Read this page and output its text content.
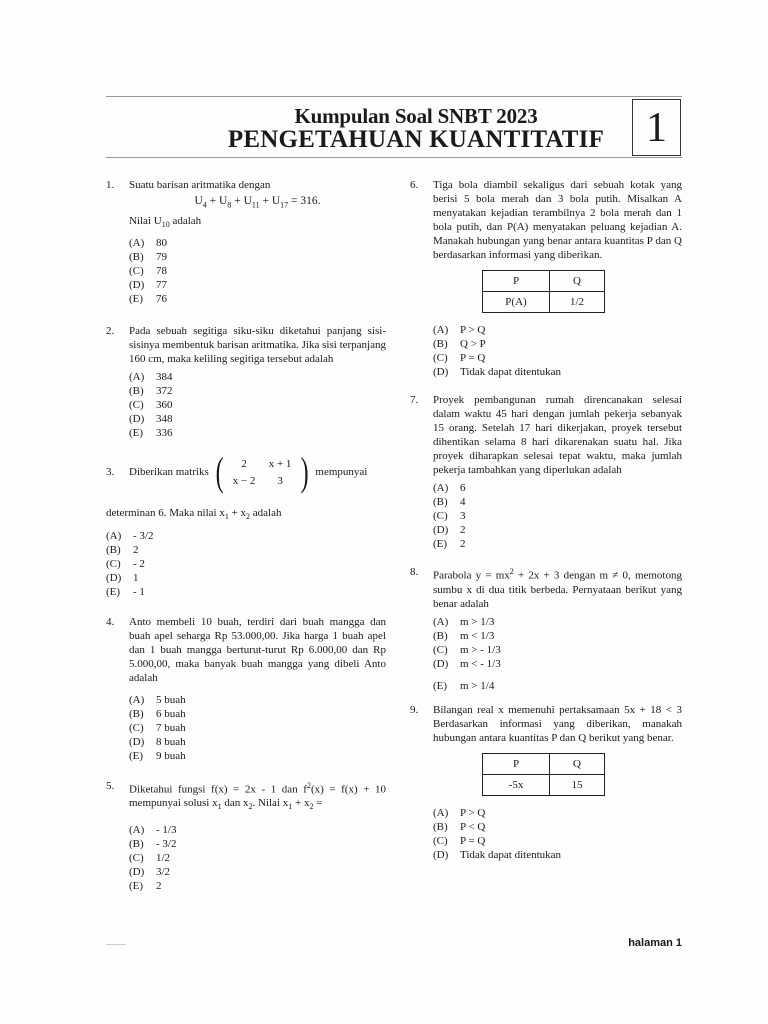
Kumpulan Soal SNBT 2023
PENGETAHUAN KUANTITATIF 1
1.	Suatu barisan aritmatika dengan
$U_4 + U_8 + U_{11} + U_{17} = 316$.
Nilai $U_{10}$ adalah
(A)	80
(B)	79
(C)	78
(D)	77
(E)	76
2.	Pada sebuah segitiga siku-siku diketahui panjang sisi-sisinya membentuk barisan aritmatika. Jika sisi terpanjang 160 cm, maka keliling segitiga tersebut adalah
(A)	384
(B)	372
(C)	360
(D)	348
(E)	336
3.	Diberikan matriks (	2	x + 1
x − 2	3 ) mempunyai
determinan 6. Maka nilai $x_1 + x_2$ adalah
(A)	- 3/2
(B)	2
(C)	- 2
(D)	1
(E)	- 1
4.	Anto membeli 10 buah, terdiri dari buah mangga dan buah apel seharga Rp 53.000,00. Jika harga 1 buah apel dan 1 buah mangga berturut-turut Rp 6.000,00 dan Rp 5.000,00, maka banyak buah mangga yang dibeli Anto adalah
(A)	5 buah
(B)	6 buah
(C)	7 buah
(D)	8 buah
(E)	9 buah
5.	Diketahui fungsi f(x) = 2x - 1 dan $f^2(x) = f(x) + 10$ mempunyai solusi $x_1$ dan $x_2$. Nilai $x_1 + x_2$ =
(A)	- 1/3
(B)	- 3/2
(C)	1/2
(D)	3/2
(E)	2
6.	Tiga bola diambil sekaligus dari sebuah kotak yang berisi 5 bola merah dan 3 bola putih. Misalkan A menyatakan kejadian terambilnya 2 bola merah dan 1 bola putih, dan P(A) menyatakan peluang kejadian A. Manakah hubungan yang benar antara kuantitas P dan Q berdasarkan informasi yang diberikan.
P	Q
P(A)	1/2
(A)	P > Q
(B)	Q > P
(C)	P = Q
(D)	Tidak dapat ditentukan
7.	Proyek pembangunan rumah direncanakan selesai dalam waktu 45 hari dengan jumlah pekerja sebanyak 15 orang. Setelah 17 hari dikerjakan, proyek tersebut dihentikan selama 8 hari dikarenakan suatu hal. Jika proyek diharapkan selesai tepat waktu, maka jumlah pekerja tambahkan yang diperlukan adalah
(A)	6
(B)	4
(C)	3
(D)	2
(E)	2
8.	Parabola $y = mx^2 + 2x + 3$ dengan m ≠ 0, memotong sumbu x di dua titik berbeda. Pernyataan berikut yang benar adalah
(A)	m > 1/3
(B)	m < 1/3
(C)	m > - 1/3
(D)	m < - 1/3
(E)	m > 1/4
9.	Bilangan real x memenuhi pertaksamaan 5x + 18 < 3 Berdasarkan informasi yang diberikan, manakah hubungan antara kuantitas P dan Q berikut yang benar.
P	Q
-5x	15
(A)	P > Q
(B)	P < Q
(C)	P = Q
(D)	Tidak dapat ditentukan
halaman 1
